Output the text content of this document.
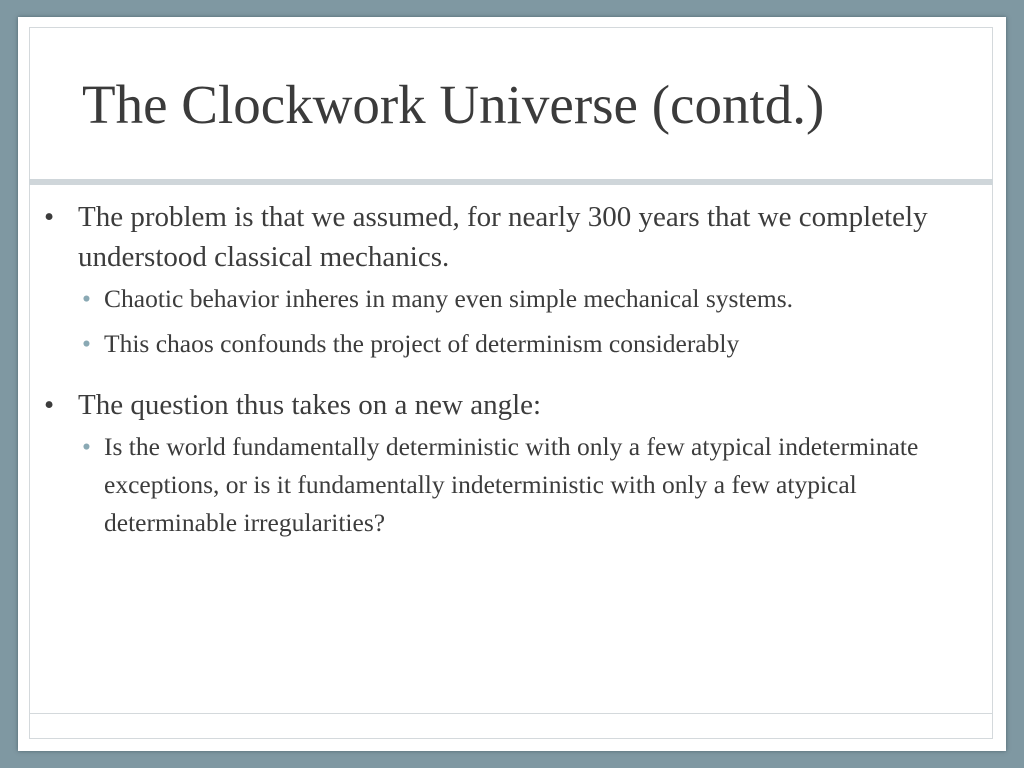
The Clockwork Universe (contd.)

• The problem is that we assumed, for nearly 300 years that we completely understood classical mechanics.

• Chaotic behavior inheres in many even simple mechanical systems.
• This chaos confounds the project of determinism considerably

• The question thus takes on a new angle:

• Is the world fundamentally deterministic with only a few atypical indeterminate exceptions, or is it fundamentally indeterministic with only a few atypical determinable irregularities?
